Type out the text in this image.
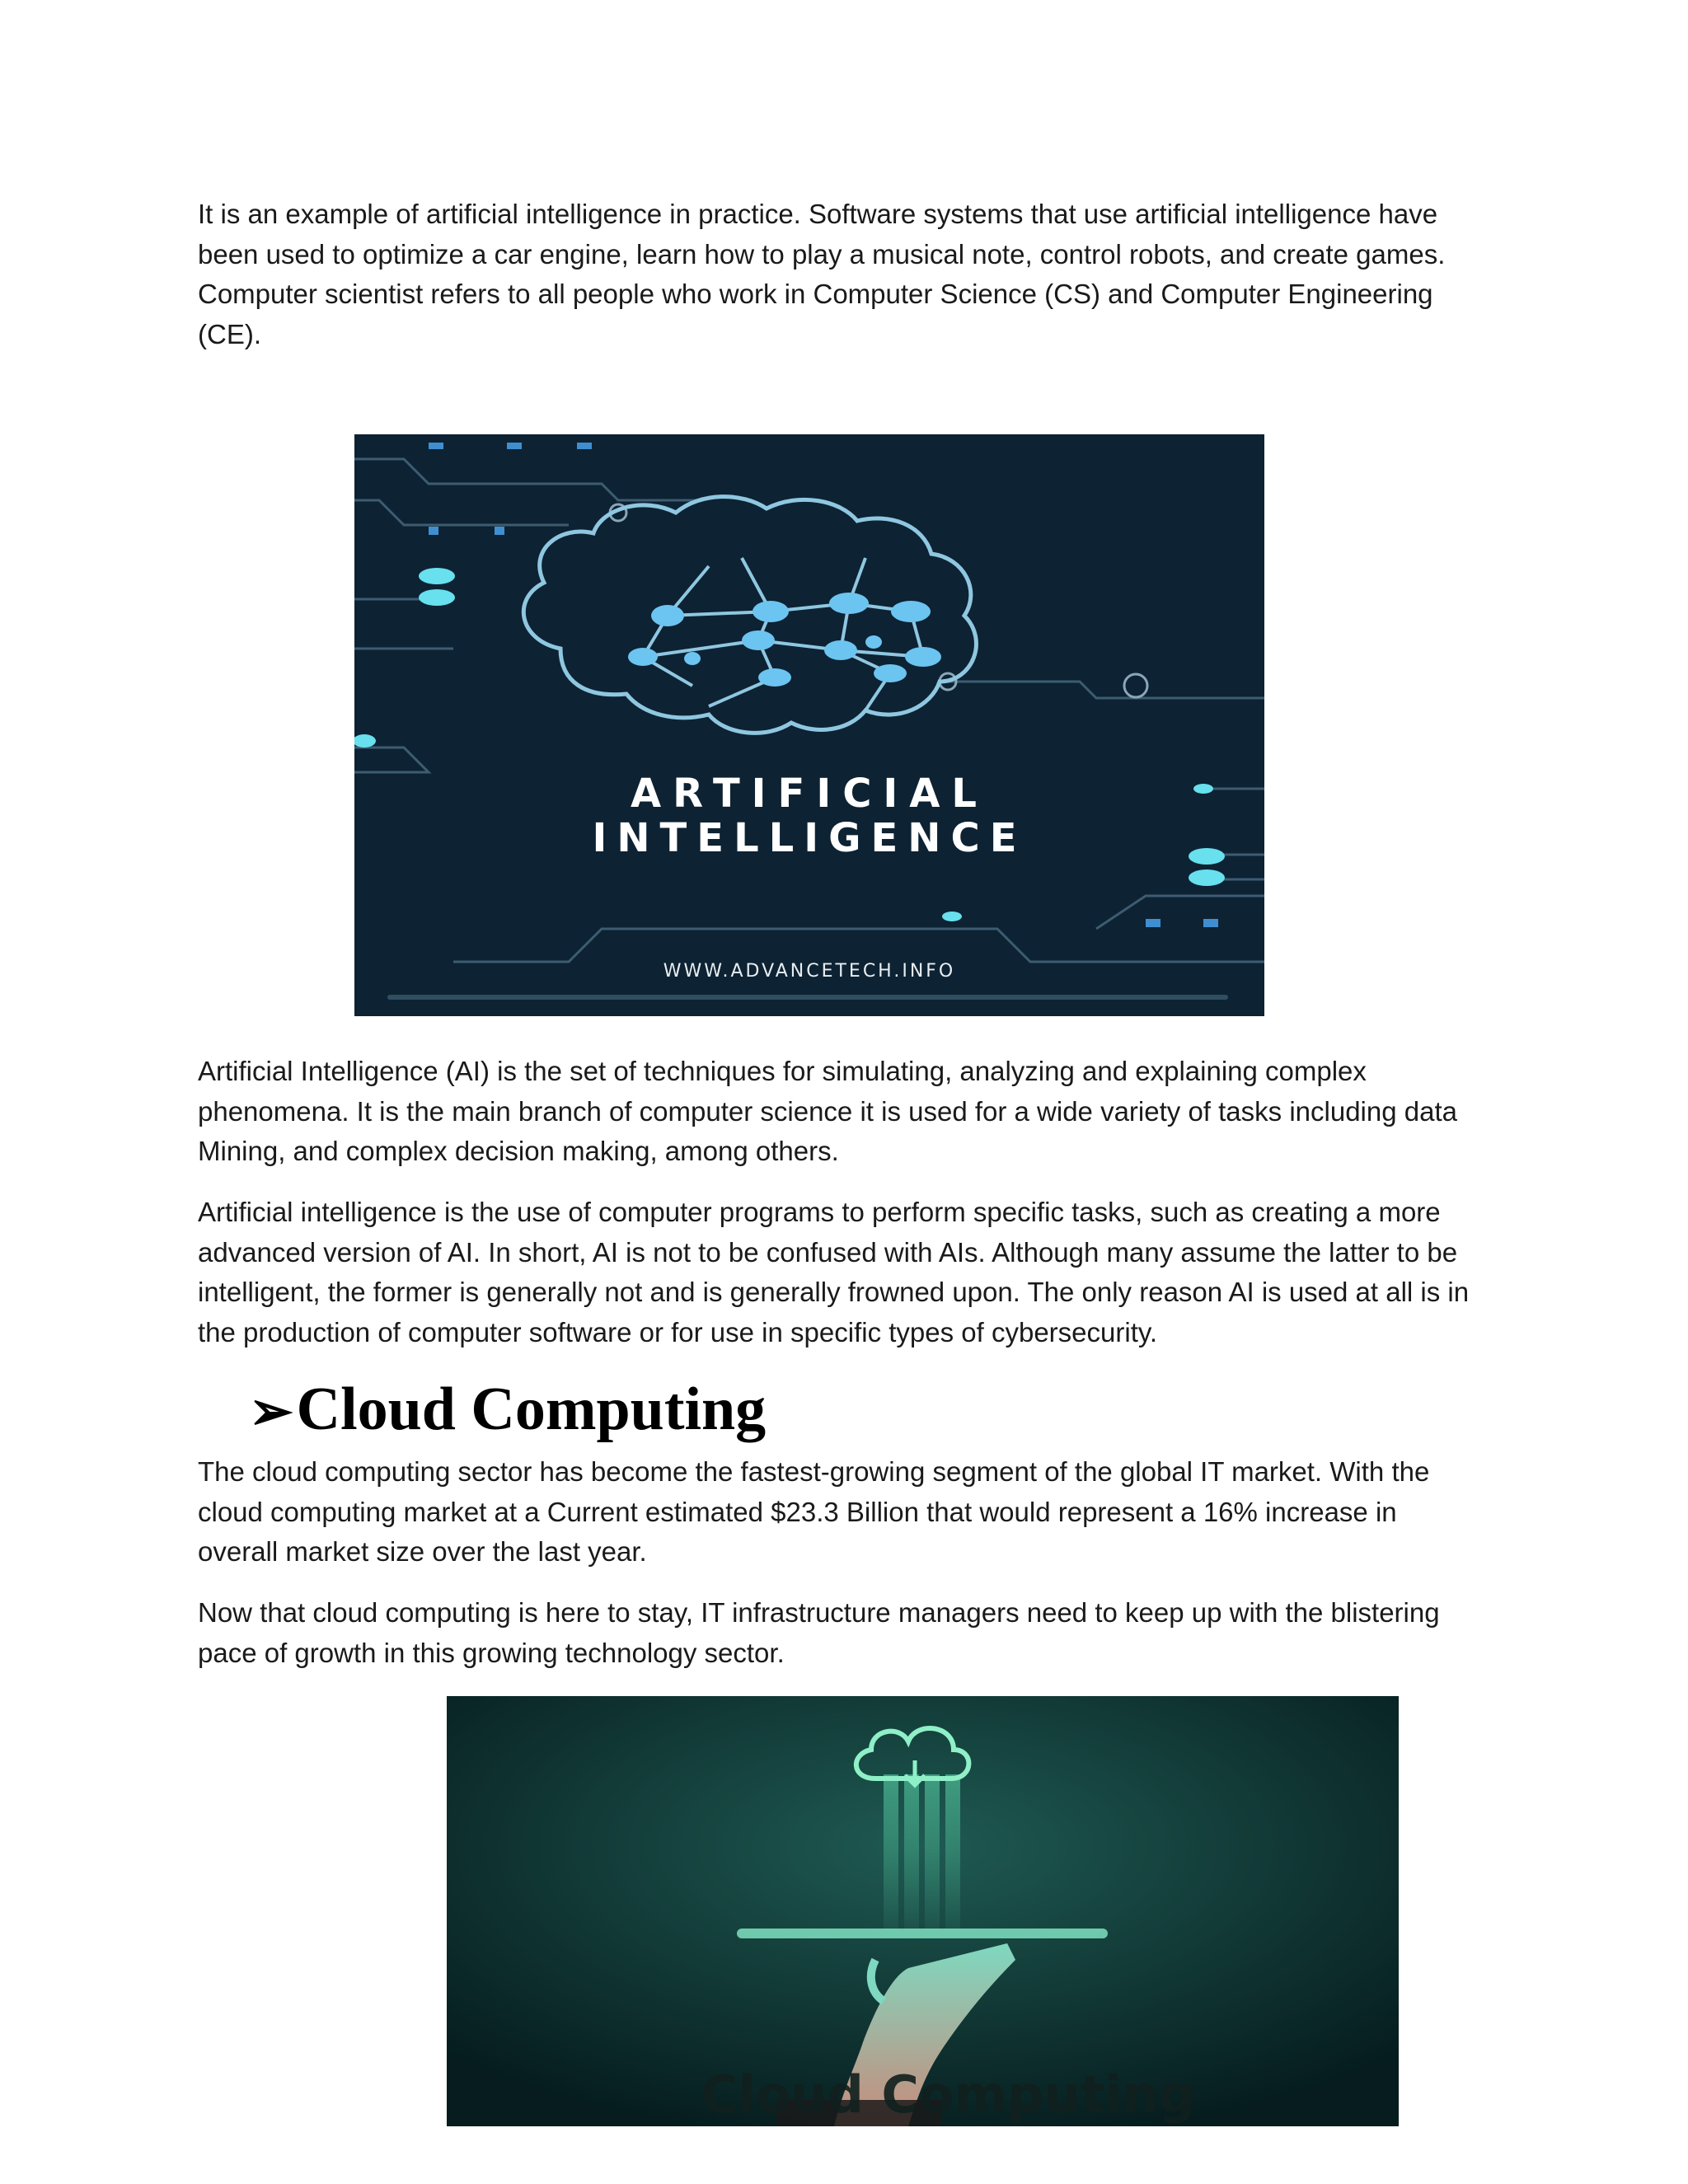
It is an example of artificial intelligence in practice. Software systems that use artificial intelligence have been used to optimize a car engine, learn how to play a musical note, control robots, and create games. Computer scientist refers to all people who work in Computer Science (CS) and Computer Engineering (CE).

ARTIFICIAL
INTELLIGENCE
WWW.ADVANCETECH.INFO

Artificial Intelligence (AI) is the set of techniques for simulating, analyzing and explaining complex phenomena. It is the main branch of computer science it is used for a wide variety of tasks including data Mining, and complex decision making, among others.

Artificial intelligence is the use of computer programs to perform specific tasks, such as creating a more advanced version of AI. In short, AI is not to be confused with AIs. Although many assume the latter to be intelligent, the former is generally not and is generally frowned upon. The only reason AI is used at all is in the production of computer software or for use in specific types of cybersecurity.

➢Cloud Computing

The cloud computing sector has become the fastest-growing segment of the global IT market. With the cloud computing market at a Current estimated $23.3 Billion that would represent a 16% increase in overall market size over the last year.

Now that cloud computing is here to stay, IT infrastructure managers need to keep up with the blistering pace of growth in this growing technology sector.

Cloud Computing
